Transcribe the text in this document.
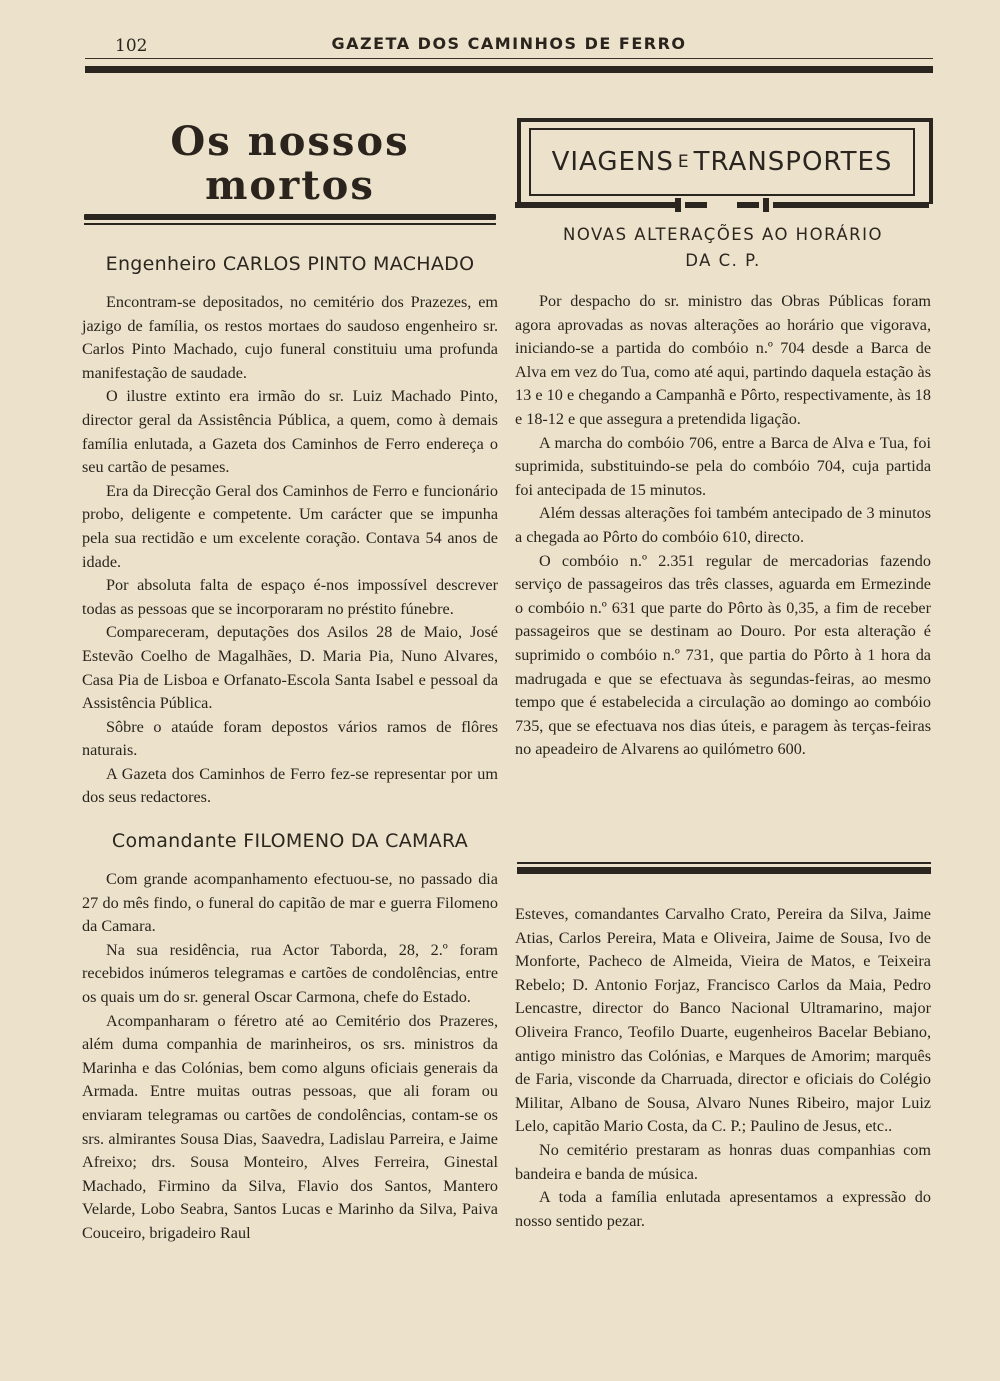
102	GAZETA DOS CAMINHOS DE FERRO
Os nossos mortos
Engenheiro CARLOS PINTO MACHADO

Encontram-se depositados, no cemitério dos Prazezes, em jazigo de família, os restos mortaes do saudoso engenheiro sr. Carlos Pinto Machado, cujo funeral constituiu uma profunda manifestação de saudade.

O ilustre extinto era irmão do sr. Luiz Machado Pinto, director geral da Assistência Pública, a quem, como à demais família enlutada, a Gazeta dos Caminhos de Ferro endereça o seu cartão de pesames.

Era da Direcção Geral dos Caminhos de Ferro e funcionário probo, deligente e competente. Um carácter que se impunha pela sua rectidão e um excelente coração. Contava 54 anos de idade.

Por absoluta falta de espaço é-nos impossível descrever todas as pessoas que se incorporaram no préstito fúnebre.

Compareceram, deputações dos Asilos 28 de Maio, José Estevão Coelho de Magalhães, D. Maria Pia, Nuno Alvares, Casa Pia de Lisboa e Orfanato-Escola Santa Isabel e pessoal da Assistência Pública.

Sôbre o ataúde foram depostos vários ramos de flôres naturais.

A Gazeta dos Caminhos de Ferro fez-se representar por um dos seus redactores.

Comandante FILOMENO DA CAMARA

Com grande acompanhamento efectuou-se, no passado dia 27 do mês findo, o funeral do capitão de mar e guerra Filomeno da Camara.

Na sua residência, rua Actor Taborda, 28, 2.º foram recebidos inúmeros telegramas e cartões de condolências, entre os quais um do sr. general Oscar Carmona, chefe do Estado.

Acompanharam o féretro até ao Cemitério dos Prazeres, além duma companhia de marinheiros, os srs. ministros da Marinha e das Colónias, bem como alguns oficiais generais da Armada. Entre muitas outras pessoas, que ali foram ou enviaram telegramas ou cartões de condolências, contam-se os srs. almirantes Sousa Dias, Saavedra, Ladislau Parreira, e Jaime Afreixo; drs. Sousa Monteiro, Alves Ferreira, Ginestal Machado, Firmino da Silva, Flavio dos Santos, Mantero Velarde, Lobo Seabra, Santos Lucas e Marinho da Silva, Paiva Couceiro, brigadeiro Raul

VIAGENS E TRANSPORTES
NOVAS ALTERAÇÕES AO HORÁRIO
DA C. P.

Por despacho do sr. ministro das Obras Públicas foram agora aprovadas as novas alterações ao horário que vigorava, iniciando-se a partida do combóio n.º 704 desde a Barca de Alva em vez do Tua, como até aqui, partindo daquela estação às 13 e 10 e chegando a Campanhã e Pôrto, respectivamente, às 18 e 18-12 e que assegura a pretendida ligação.

A marcha do combóio 706, entre a Barca de Alva e Tua, foi suprimida, substituindo-se pela do combóio 704, cuja partida foi antecipada de 15 minutos.

Além dessas alterações foi também antecipado de 3 minutos a chegada ao Pôrto do combóio 610, directo.

O combóio n.º 2.351 regular de mercadorias fazendo serviço de passageiros das três classes, aguarda em Ermezinde o combóio n.º 631 que parte do Pôrto às 0,35, a fim de receber passageiros que se destinam ao Douro. Por esta alteração é suprimido o combóio n.º 731, que partia do Pôrto à 1 hora da madrugada e que se efectuava às segundas-feiras, ao mesmo tempo que é estabelecida a circulação ao domingo ao combóio 735, que se efectuava nos dias úteis, e paragem às terças-feiras no apeadeiro de Alvarens ao quilómetro 600.

Esteves, comandantes Carvalho Crato, Pereira da Silva, Jaime Atias, Carlos Pereira, Mata e Oliveira, Jaime de Sousa, Ivo de Monforte, Pacheco de Almeida, Vieira de Matos, e Teixeira Rebelo; D. Antonio Forjaz, Francisco Carlos da Maia, Pedro Lencastre, director do Banco Nacional Ultramarino, major Oliveira Franco, Teofilo Duarte, eugenheiros Bacelar Bebiano, antigo ministro das Colónias, e Marques de Amorim; marquês de Faria, visconde da Charruada, director e oficiais do Colégio Militar, Albano de Sousa, Alvaro Nunes Ribeiro, major Luiz Lelo, capitão Mario Costa, da C. P.; Paulino de Jesus, etc..

No cemitério prestaram as honras duas companhias com bandeira e banda de música.

A toda a família enlutada apresentamos a expressão do nosso sentido pezar.
